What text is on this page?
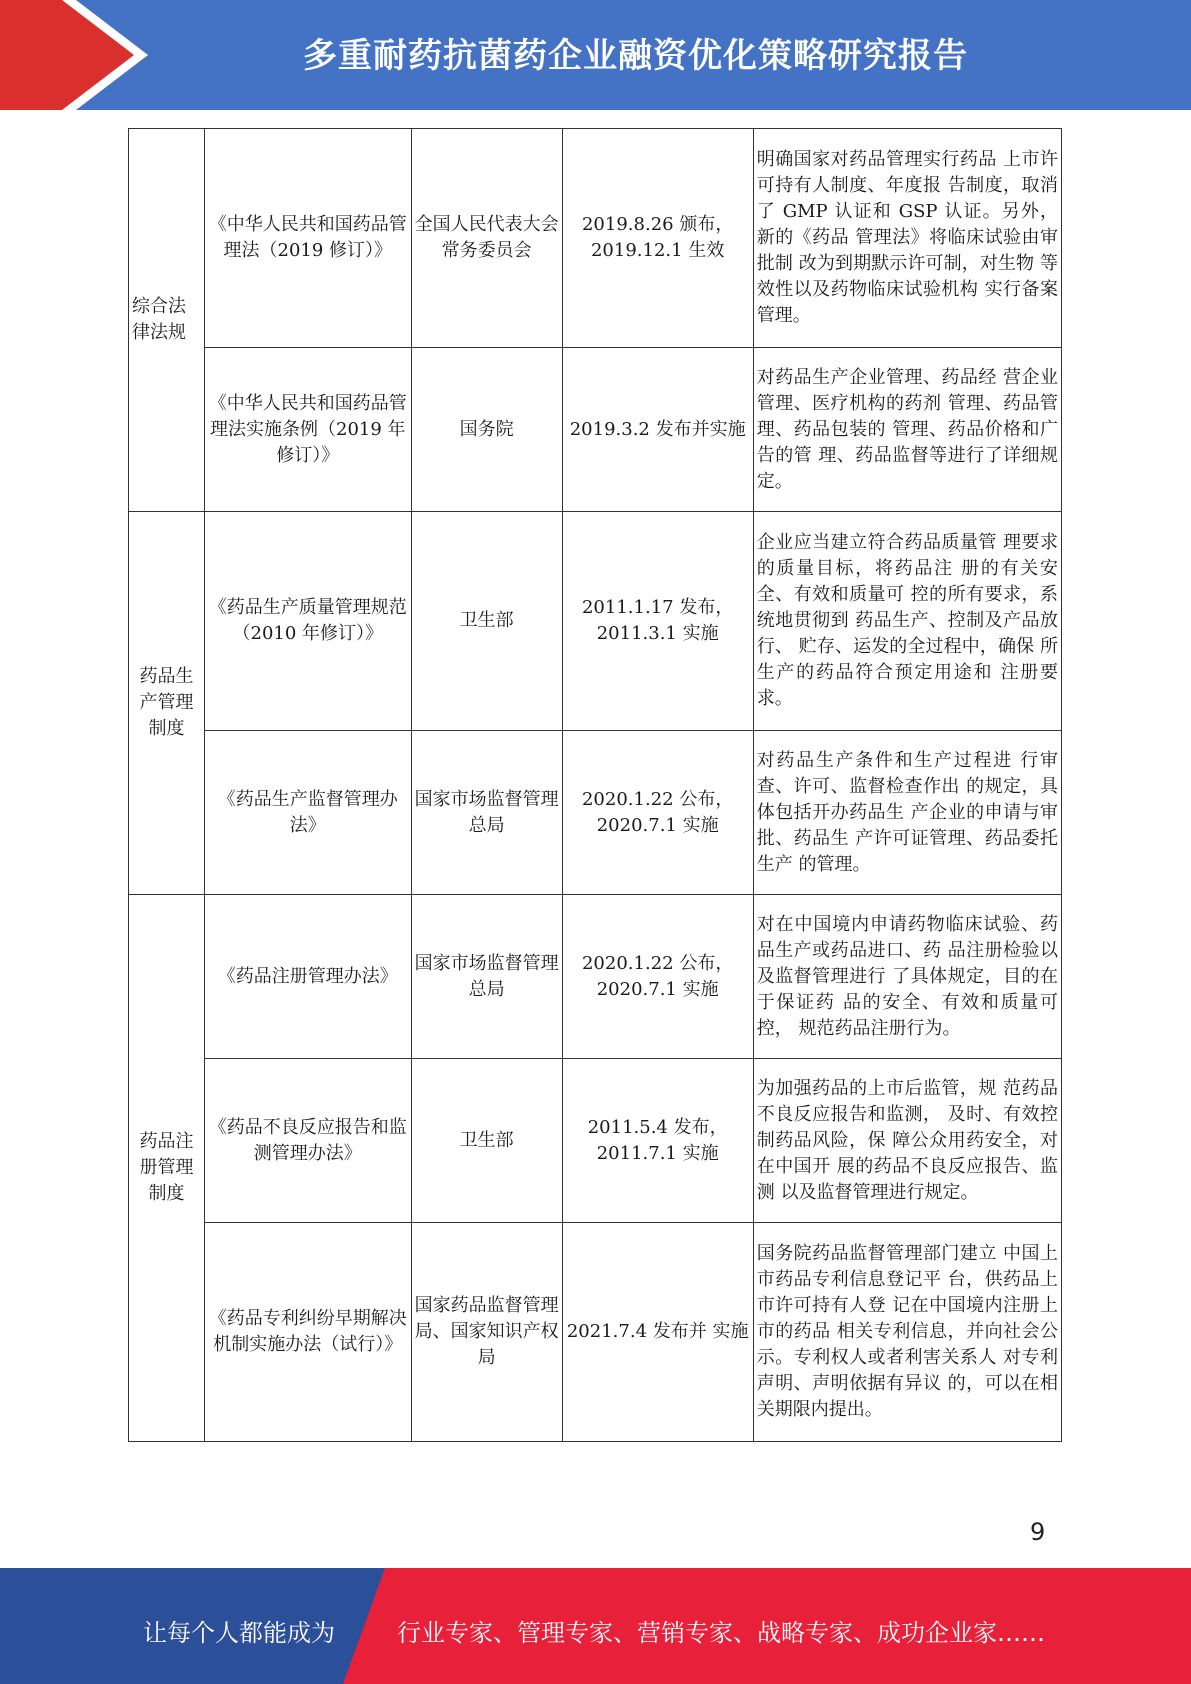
多重耐药抗菌药企业融资优化策略研究报告
综合法律法规	《中华人民共和国药品管理法（2019 修订）》	全国人民代表大会常务委员会	2019.8.26 颁布，2019.12.1 生效	明确国家对药品管理实行药品 上市许可持有人制度、年度报 告制度，取消了 GMP 认证和 GSP 认证。另外，新的《药品 管理法》将临床试验由审批制 改为到期默示许可制，对生物 等效性以及药物临床试验机构 实行备案管理。
	《中华人民共和国药品管理法实施条例（2019 年修订）》	国务院	2019.3.2 发布并实施	对药品生产企业管理、药品经 营企业管理、医疗机构的药剂 管理、药品管理、药品包装的 管理、药品价格和广告的管 理、药品监督等进行了详细规 定。
药品生产管理制度	《药品生产质量管理规范（2010 年修订）》	卫生部	2011.1.17 发布，2011.3.1 实施	企业应当建立符合药品质量管 理要求的质量目标，将药品注 册的有关安全、有效和质量可 控的所有要求，系统地贯彻到 药品生产、控制及产品放行、 贮存、运发的全过程中，确保 所生产的药品符合预定用途和 注册要求。
	《药品生产监督管理办法》	国家市场监督管理总局	2020.1.22 公布，2020.7.1 实施	对药品生产条件和生产过程进 行审查、许可、监督检查作出 的规定，具体包括开办药品生 产企业的申请与审批、药品生 产许可证管理、药品委托生产 的管理。
药品注册管理制度	《药品注册管理办法》	国家市场监督管理总局	2020.1.22 公布，2020.7.1 实施	对在中国境内申请药物临床试验、药品生产或药品进口、药 品注册检验以及监督管理进行 了具体规定，目的在于保证药 品的安全、有效和质量可控， 规范药品注册行为。
	《药品不良反应报告和监测管理办法》	卫生部	2011.5.4 发布，2011.7.1 实施	为加强药品的上市后监管，规 范药品不良反应报告和监测， 及时、有效控制药品风险，保 障公众用药安全，对在中国开 展的药品不良反应报告、监测 以及监督管理进行规定。
	《药品专利纠纷早期解决机制实施办法（试行）》	国家药品监督管理局、国家知识产权局	2021.7.4 发布并 实施	国务院药品监督管理部门建立 中国上市药品专利信息登记平 台，供药品上市许可持有人登 记在中国境内注册上市的药品 相关专利信息，并向社会公 示。专利权人或者利害关系人 对专利声明、声明依据有异议 的，可以在相关期限内提出。
9
让每个人都能成为	行业专家、管理专家、营销专家、战略专家、成功企业家……
